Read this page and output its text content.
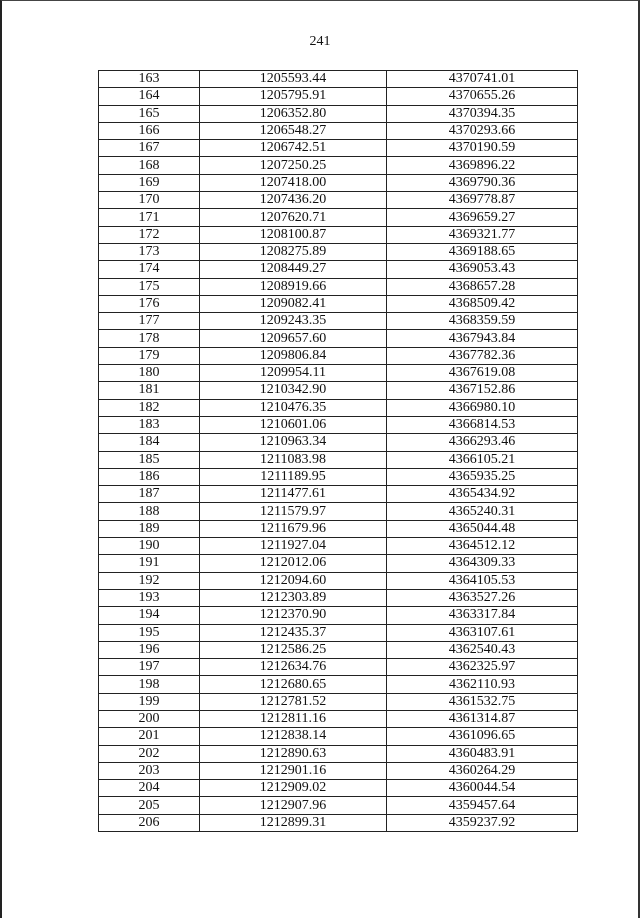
241
163	1205593.44	4370741.01
164	1205795.91	4370655.26
165	1206352.80	4370394.35
166	1206548.27	4370293.66
167	1206742.51	4370190.59
168	1207250.25	4369896.22
169	1207418.00	4369790.36
170	1207436.20	4369778.87
171	1207620.71	4369659.27
172	1208100.87	4369321.77
173	1208275.89	4369188.65
174	1208449.27	4369053.43
175	1208919.66	4368657.28
176	1209082.41	4368509.42
177	1209243.35	4368359.59
178	1209657.60	4367943.84
179	1209806.84	4367782.36
180	1209954.11	4367619.08
181	1210342.90	4367152.86
182	1210476.35	4366980.10
183	1210601.06	4366814.53
184	1210963.34	4366293.46
185	1211083.98	4366105.21
186	1211189.95	4365935.25
187	1211477.61	4365434.92
188	1211579.97	4365240.31
189	1211679.96	4365044.48
190	1211927.04	4364512.12
191	1212012.06	4364309.33
192	1212094.60	4364105.53
193	1212303.89	4363527.26
194	1212370.90	4363317.84
195	1212435.37	4363107.61
196	1212586.25	4362540.43
197	1212634.76	4362325.97
198	1212680.65	4362110.93
199	1212781.52	4361532.75
200	1212811.16	4361314.87
201	1212838.14	4361096.65
202	1212890.63	4360483.91
203	1212901.16	4360264.29
204	1212909.02	4360044.54
205	1212907.96	4359457.64
206	1212899.31	4359237.92
